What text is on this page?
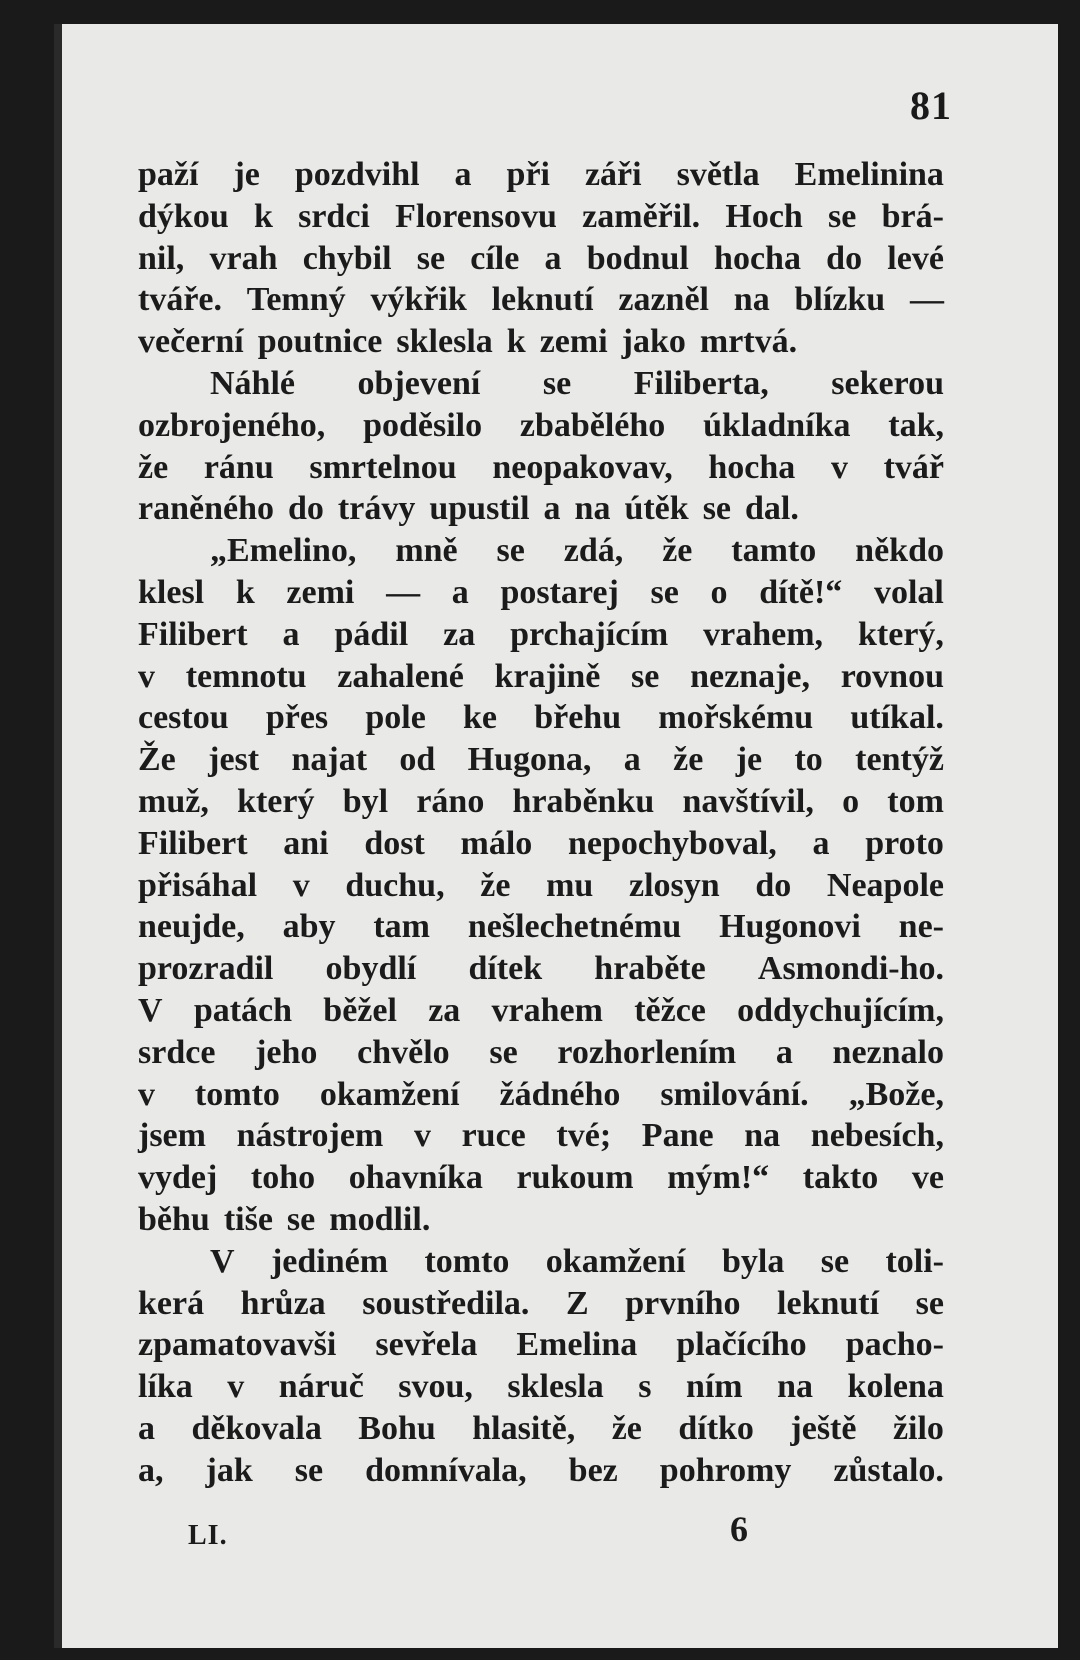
81
paží je pozdvihl a při záři světla Emelinina
dýkou k srdci Florensovu zaměřil. Hoch se brá-
nil, vrah chybil se cíle a bodnul hocha do levé
tváře. Temný výkřik leknutí zazněl na blízku —
večerní poutnice sklesla k zemi jako mrtvá.
Náhlé objevení se Filiberta, sekerou
ozbrojeného, poděsilo zbabělého úkladníka tak,
že ránu smrtelnou neopakovav, hocha v tvář
raněného do trávy upustil a na útěk se dal.
„Emelino, mně se zdá, že tamto někdo
klesl k zemi — a postarej se o dítě!“ volal
Filibert a pádil za prchajícím vrahem, který,
v temnotu zahalené krajině se neznaje, rovnou
cestou přes pole ke břehu mořskému utíkal.
Že jest najat od Hugona, a že je to tentýž
muž, který byl ráno hraběnku navštívil, o tom
Filibert ani dost málo nepochyboval, a proto
přisáhal v duchu, že mu zlosyn do Neapole
neujde, aby tam nešlechetnému Hugonovi ne-
prozradil obydlí dítek hraběte Asmondi-ho.
V patách běžel za vrahem těžce oddychujícím,
srdce jeho chvělo se rozhorlením a neznalo
v tomto okamžení žádného smilování. „Bože,
jsem nástrojem v ruce tvé; Pane na nebesích,
vydej toho ohavníka rukoum mým!“ takto ve
běhu tiše se modlil.
V jediném tomto okamžení byla se toli-
kerá hrůza soustředila. Z prvního leknutí se
zpamatovavši sevřela Emelina plačícího pacho-
líka v náruč svou, sklesla s ním na kolena
a děkovala Bohu hlasitě, že dítko ještě žilo
a, jak se domnívala, bez pohromy zůstalo.
LI.	6
